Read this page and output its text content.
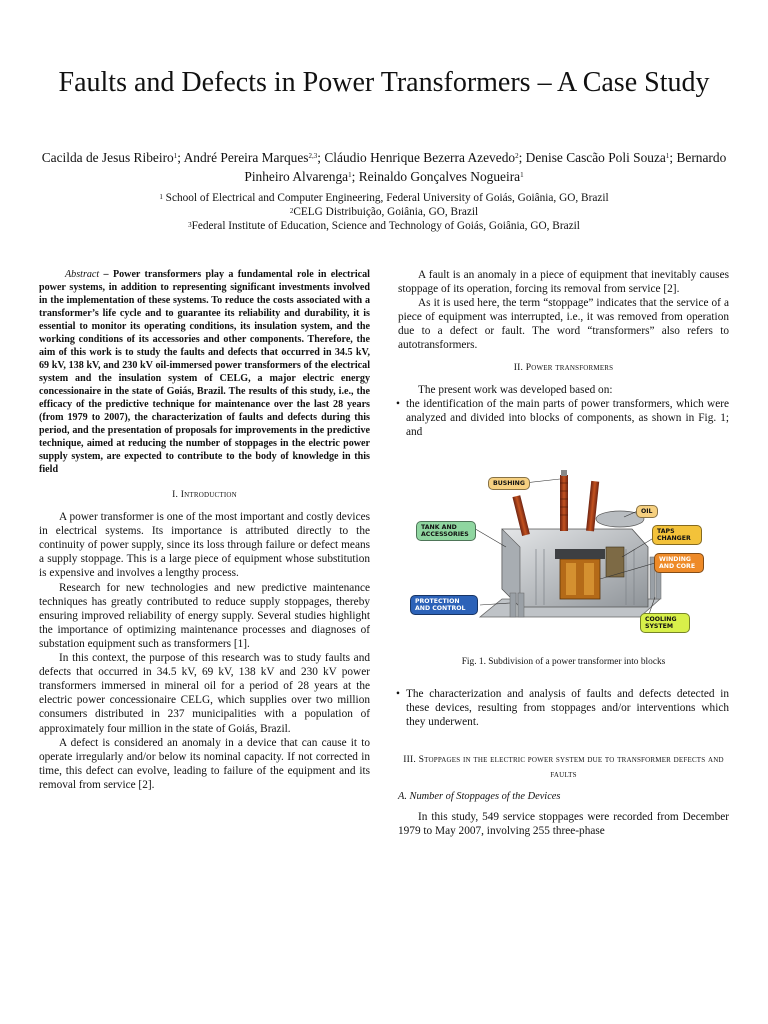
Faults and Defects in Power Transformers – A Case Study
Cacilda de Jesus Ribeiro$^1$; André Pereira Marques$^{2,3}$; Cláudio Henrique Bezerra Azevedo$^2$; Denise Cascão Poli Souza$^1$; Bernardo Pinheiro Alvarenga$^1$; Reinaldo Gonçalves Nogueira$^1$
$^1$ School of Electrical and Computer Engineering, Federal University of Goiás, Goiânia, GO, Brazil
$^2$CELG Distribuição, Goiânia, GO, Brazil
$^3$Federal Institute of Education, Science and Technology of Goiás, Goiânia, GO, Brazil

Abstract – Power transformers play a fundamental role in electrical power systems, in addition to representing significant investments involved in the implementation of these systems. To reduce the costs associated with a transformer’s life cycle and to guarantee its reliability and durability, it is essential to monitor its operating conditions, its insulation system, and the working conditions of its accessories and other components. Therefore, the aim of this work is to study the faults and defects that occurred in 34.5 kV, 69 kV, 138 kV, and 230 kV oil-immersed power transformers of the electrical system and the insulation system of CELG, a major electric energy concessionaire in the state of Goiás, Brazil. The results of this study, i.e., the efficacy of the predictive technique for maintenance over the last 28 years (from 1979 to 2007), the characterization of faults and defects during this period, and the presentation of proposals for improvements in the predictive technique, aimed at reducing the number of stoppages in the electric power supply system, are expected to contribute to the body of knowledge in this field

I. Introduction

A power transformer is one of the most important and costly devices in electrical systems. Its importance is attributed directly to the continuity of power supply, since its loss through failure or defect means a supply stoppage. This is a large piece of equipment whose substitution is expensive and involves a lengthy process.

Research for new technologies and new predictive maintenance techniques has greatly contributed to reduce supply stoppages, thereby ensuring improved reliability of energy supply. Several studies highlight the importance of optimizing maintenance processes and diagnoses of substation equipment such as transformers [1].

In this context, the purpose of this research was to study faults and defects that occurred in 34.5 kV, 69 kV, 138 kV and 230 kV power transformers immersed in mineral oil for a period of 28 years at the electric power concessionaire CELG, which supplies over two million consumers distributed in 237 municipalities with a population of approximately four million in the state of Goiás, Brazil.

A defect is considered an anomaly in a device that can cause it to operate irregularly and/or below its nominal capacity. If not corrected in time, this defect can evolve, leading to failure of the equipment and its removal from service [2].

A fault is an anomaly in a piece of equipment that inevitably causes stoppage of its operation, forcing its removal from service [2].

As it is used here, the term “stoppage” indicates that the service of a piece of equipment was interrupted, i.e., it was removed from operation due to a defect or fault. The word “transformers” also refers to autotransformers.

II. Power transformers

The present work was developed based on:

• the identification of the main parts of power transformers, which were analyzed and divided into blocks of components, as shown in Fig. 1; and
BUSHING
OIL
TANK AND ACCESSORIES	TAPS CHANGER
WINDING AND CORE
PROTECTION AND CONTROL
COOLING SYSTEM
Fig. 1. Subdivision of a power transformer into blocks
• The characterization and analysis of faults and defects detected in these devices, resulting from stoppages and/or interventions which they underwent.
III. Stoppages in the electric power system due to transformer defects and faults
A. Number of Stoppages of the Devices

In this study, 549 service stoppages were recorded from December 1979 to May 2007, involving 255 three-phase
